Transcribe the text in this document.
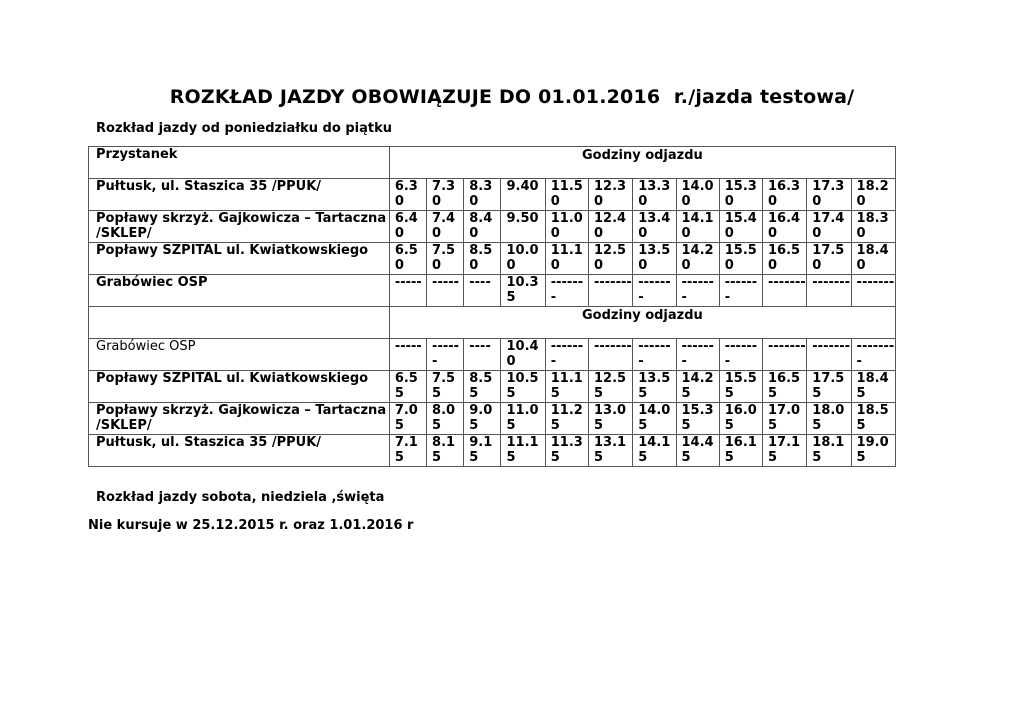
ROZKŁAD JAZDY OBOWIĄZUJE DO 01.01.2016  r./jazda testowa/
Rozkład jazdy od poniedziałku do piątku
Przystanek	Godziny odjazdu											
Pułtusk, ul. Staszica 35 /PPUK/	6.30	7.30	8.30	9.40	11.50	12.30	13.30	14.00	15.30	16.30	17.30	18.20
Popławy skrzyż. Gajkowicza – Tartaczna /SKLEP/	6.40	7.40	8.40	9.50	11.00	12.40	13.40	14.10	15.40	16.40	17.40	18.30
Popławy SZPITAL ul. Kwiatkowskiego	6.50	7.50	8.50	10.00	11.10	12.50	13.50	14.20	15.50	16.50	17.50	18.40
Grabówiec OSP	-----	-----	----	10.35	-------	-------	-------	-------	-------	-------	-------	-------
	Godziny odjazdu											
Grabówiec OSP	-----	------	----	10.40	-------	-------	-------	-------	-------	-------	-------	--------
Popławy SZPITAL ul. Kwiatkowskiego	6.55	7.55	8.55	10.55	11.15	12.55	13.55	14.25	15.55	16.55	17.55	18.45
Popławy skrzyż. Gajkowicza – Tartaczna /SKLEP/	7.05	8.05	9.05	11.05	11.25	13.05	14.05	15.35	16.05	17.05	18.05	18.55
Pułtusk, ul. Staszica 35 /PPUK/	7.15	8.15	9.15	11.15	11.35	13.15	14.15	14.45	16.15	17.15	18.15	19.05
Rozkład jazdy sobota, niedziela ,święta
Nie kursuje w 25.12.2015 r. oraz 1.01.2016 r
